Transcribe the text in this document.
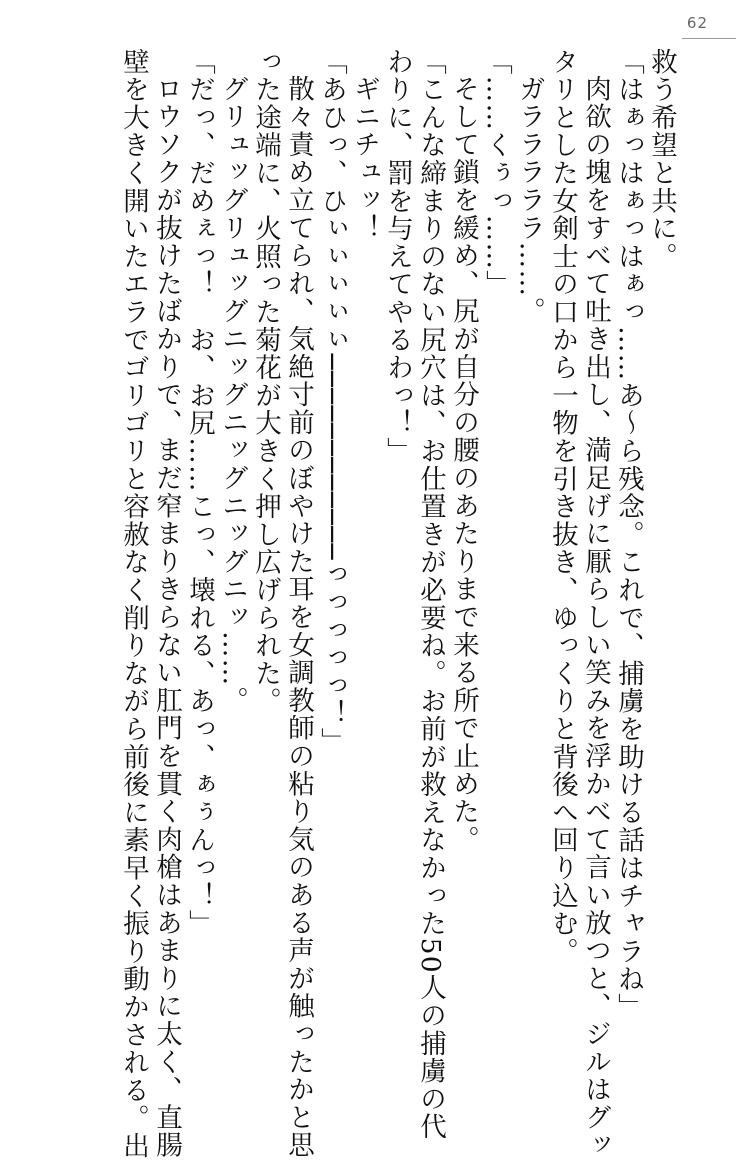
62

救う希望と共に。

「はぁっはぁっはぁっ……あ～ら残念。これで、捕虜を助ける話はチャラね」

肉欲の塊をすべて吐き出し、満足げに厭らしい笑みを浮かべて言い放つと、ジルはグッ

タリとした女剣士の口から一物を引き抜き、ゆっくりと背後へ回り込む。

ガラララララ……。

「……くぅっ……」

そして鎖を緩め、尻が自分の腰のあたりまで来る所で止めた。

「こんな締まりのない尻穴は、お仕置きが必要ね。お前が救えなかった50人の捕虜の代

わりに、罰を与えてやるわっ！」

ギニチュッ！

「あひっ、ひぃぃぃぃぃ────────────っっっっっ！」

散々責め立てられ、気絶寸前のぼやけた耳を女調教師の粘り気のある声が触ったかと思

った途端に、火照った菊花が大きく押し広げられた。

グリュッグリュッグニッグニッグニッグニッ……。

「だっ、だめぇっ！　お、お尻……こっ、壊れる、あっ、ぁぅんっ！」

ロウソクが抜けたばかりで、まだ窄まりきらない肛門を貫く肉槍はあまりに太く、直腸

壁を大きく開いたエラでゴリゴリと容赦なく削りながら前後に素早く振り動かされる。出
